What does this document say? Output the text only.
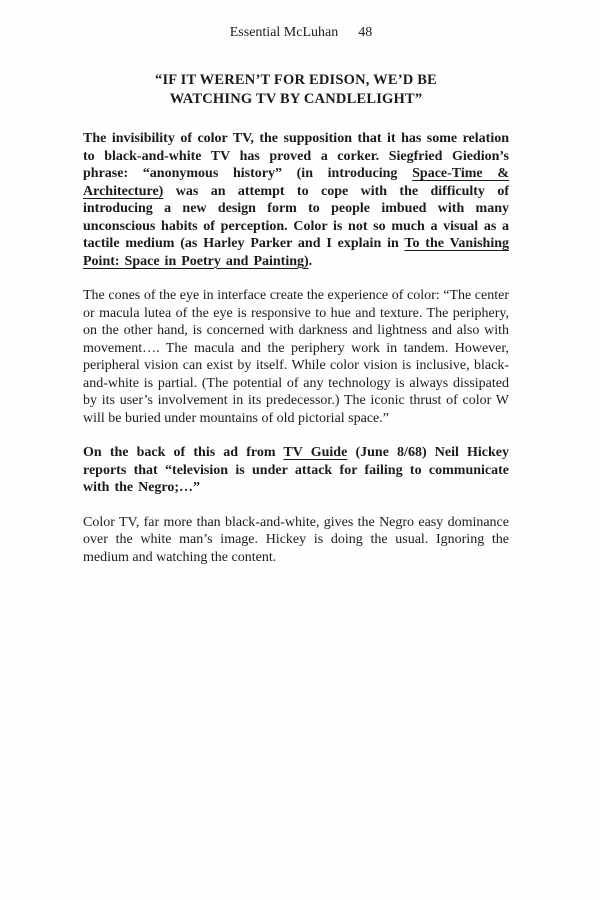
Essential McLuhan 48
“IF IT WEREN’T FOR EDISON, WE’D BE
WATCHING TV BY CANDLELIGHT”

The invisibility of color TV, the supposition that it has some relation to black-and-white TV has proved a corker. Siegfried Giedion’s phrase: “anonymous history” (in introducing Space-Time & Architecture) was an attempt to cope with the difficulty of introducing a new design form to people imbued with many unconscious habits of perception. Color is not so much a visual as a tactile medium (as Harley Parker and I explain in To the Vanishing Point: Space in Poetry and Painting).

The cones of the eye in interface create the experience of color: “The center or macula lutea of the eye is responsive to hue and texture. The periphery, on the other hand, is concerned with darkness and lightness and also with movement…. The macula and the periphery work in tandem. However, peripheral vision can exist by itself. While color vision is inclusive, black-and-white is partial. (The potential of any technology is always dissipated by its user’s involvement in its predecessor.) The iconic thrust of color W will be buried under mountains of old pictorial space.”

On the back of this ad from TV Guide (June 8/68) Neil Hickey reports that “television is under attack for failing to communicate with the Negro;…”

Color TV, far more than black-and-white, gives the Negro easy dominance over the white man’s image. Hickey is doing the usual. Ignoring the medium and watching the content.
